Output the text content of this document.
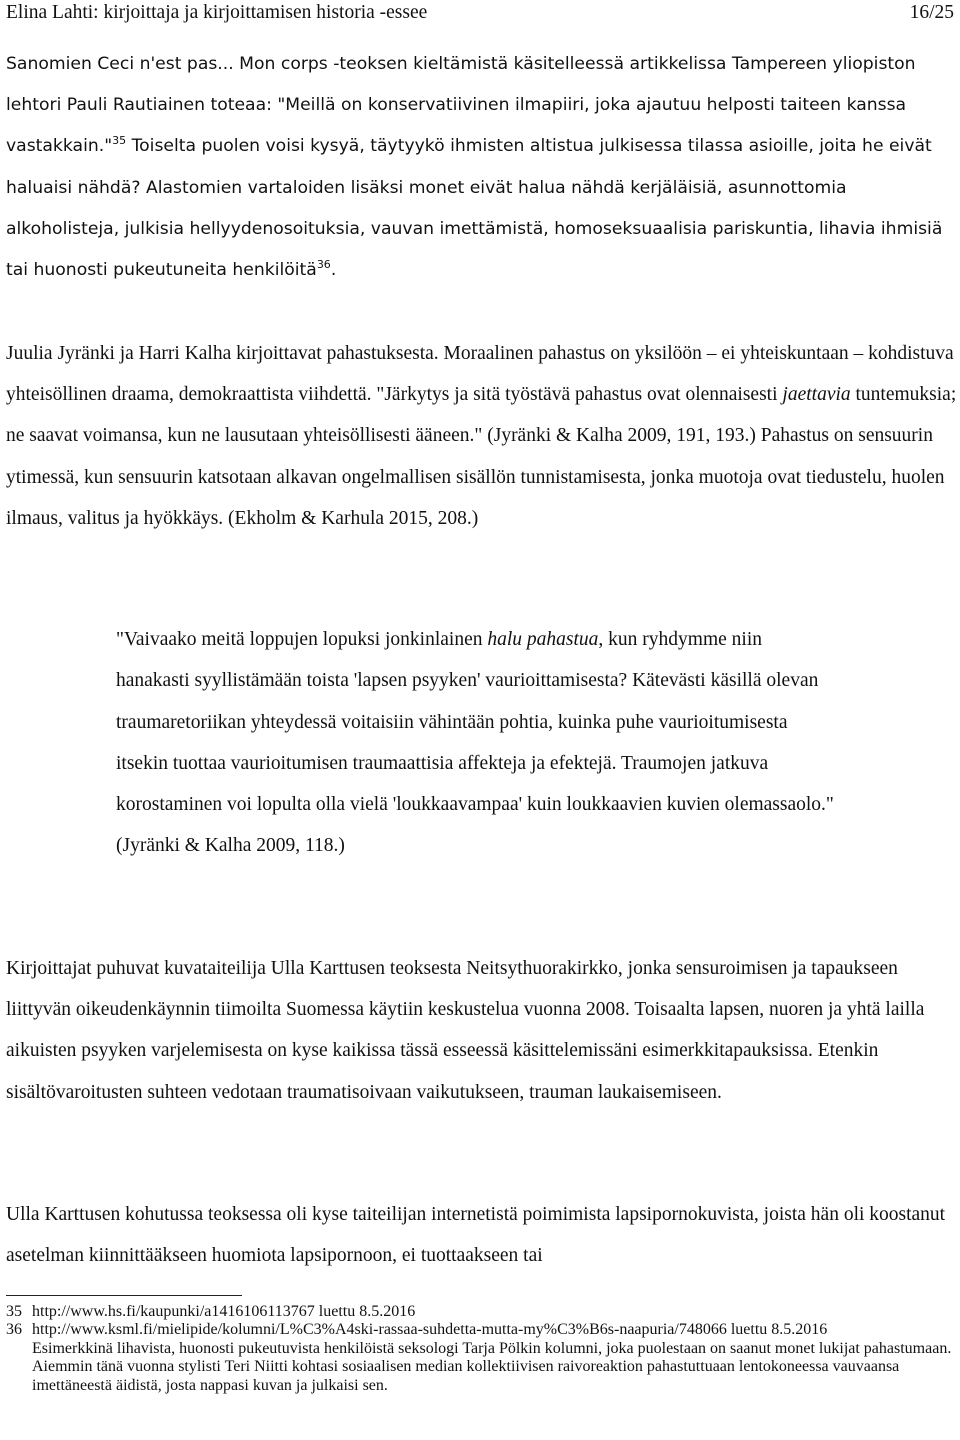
Elina Lahti: kirjoittaja ja kirjoittamisen historia -essee	16/25

Sanomien Ceci n'est pas... Mon corps -teoksen kieltämistä käsitelleessä artikkelissa Tampereen yliopiston lehtori Pauli Rautiainen toteaa: "Meillä on konservatiivinen ilmapiiri, joka ajautuu helposti taiteen kanssa vastakkain."$^{35}$ Toiselta puolen voisi kysyä, täytyykö ihmisten altistua julkisessa tilassa asioille, joita he eivät haluaisi nähdä? Alastomien vartaloiden lisäksi monet eivät halua nähdä kerjäläisiä, asunnottomia alkoholisteja, julkisia hellyydenosoituksia, vauvan imettämistä, homoseksuaalisia pariskuntia, lihavia ihmisiä tai huonosti pukeutuneita henkilöitä$^{36}$.

Juulia Jyränki ja Harri Kalha kirjoittavat pahastuksesta. Moraalinen pahastus on yksilöön – ei yhteiskuntaan – kohdistuva yhteisöllinen draama, demokraattista viihdettä. "Järkytys ja sitä työstävä pahastus ovat olennaisesti jaettavia tuntemuksia; ne saavat voimansa, kun ne lausutaan yhteisöllisesti ääneen." (Jyränki & Kalha 2009, 191, 193.) Pahastus on sensuurin ytimessä, kun sensuurin katsotaan alkavan ongelmallisen sisällön tunnistamisesta, jonka muotoja ovat tiedustelu, huolen ilmaus, valitus ja hyökkäys. (Ekholm & Karhula 2015, 208.)

"Vaivaako meitä loppujen lopuksi jonkinlainen halu pahastua, kun ryhdymme niin hanakasti syyllistämään toista 'lapsen psyyken' vaurioittamisesta? Kätevästi käsillä olevan traumaretoriikan yhteydessä voitaisiin vähintään pohtia, kuinka puhe vaurioitumisesta itsekin tuottaa vaurioitumisen traumaattisia affekteja ja efektejä. Traumojen jatkuva korostaminen voi lopulta olla vielä 'loukkaavampaa' kuin loukkaavien kuvien olemassaolo." (Jyränki & Kalha 2009, 118.)

Kirjoittajat puhuvat kuvataiteilija Ulla Karttusen teoksesta Neitsythuorakirkko, jonka sensuroimisen ja tapaukseen liittyvän oikeudenkäynnin tiimoilta Suomessa käytiin keskustelua vuonna 2008. Toisaalta lapsen, nuoren ja yhtä lailla aikuisten psyyken varjelemisesta on kyse kaikissa tässä esseessä käsittelemissäni esimerkkitapauksissa. Etenkin sisältövaroitusten suhteen vedotaan traumatisoivaan vaikutukseen, trauman laukaisemiseen.

Ulla Karttusen kohutussa teoksessa oli kyse taiteilijan internetistä poimimista lapsipornokuvista, joista hän oli koostanut asetelman kiinnittääkseen huomiota lapsipornoon, ei tuottaakseen tai

35 http://www.hs.fi/kaupunki/a1416106113767 luettu 8.5.2016
36 http://www.ksml.fi/mielipide/kolumni/L%C3%A4ski-rassaa-suhdetta-mutta-my%C3%B6s-naapuria/748066 luettu 8.5.2016
Esimerkkinä lihavista, huonosti pukeutuvista henkilöistä seksologi Tarja Pölkin kolumni, joka puolestaan on saanut monet lukijat pahastumaan. Aiemmin tänä vuonna stylisti Teri Niitti kohtasi sosiaalisen median kollektiivisen raivoreaktion pahastuttuaan lentokoneessa vauvaansa imettäneestä äidistä, josta nappasi kuvan ja julkaisi sen.
